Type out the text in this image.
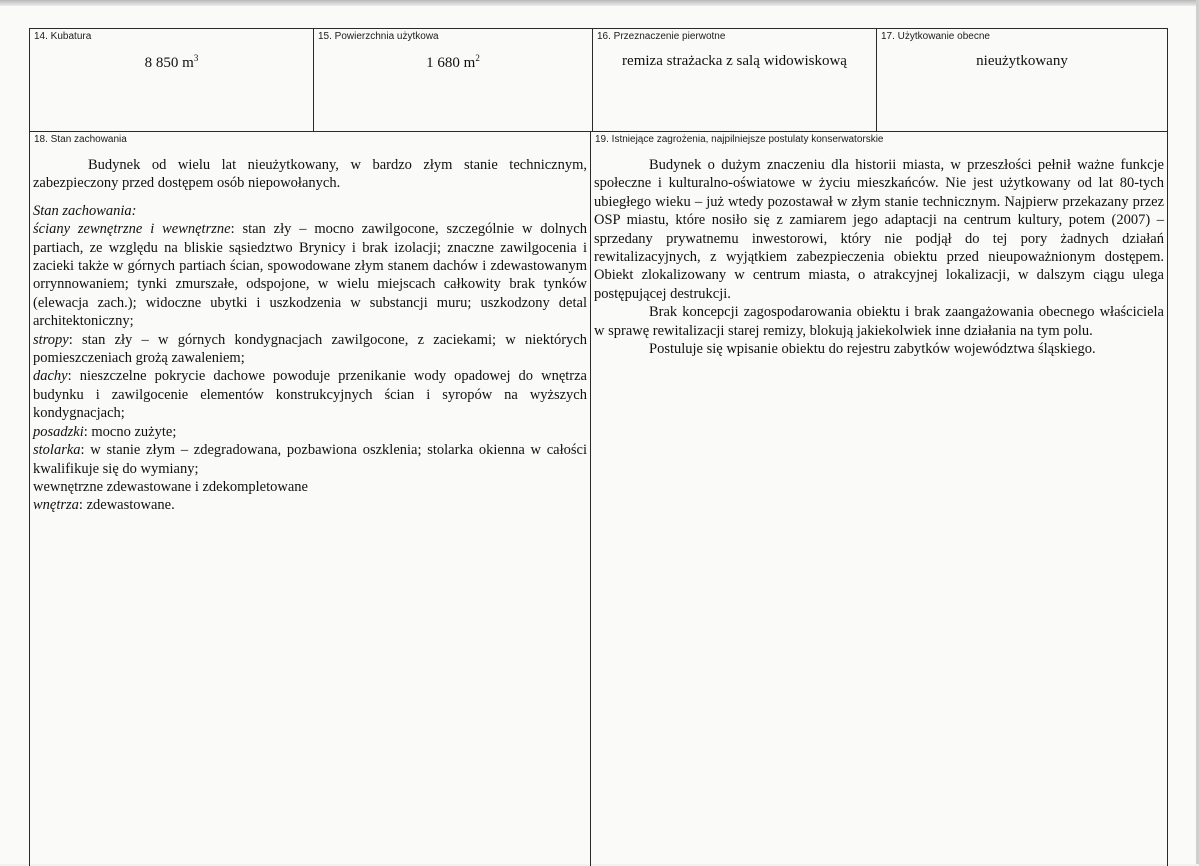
14. Kubatura
8 850 $m^3$
15. Powierzchnia użytkowa
1 680 $m^2$
16. Przeznaczenie pierwotne
remiza strażacka z salą widowiskową
17. Użytkowanie obecne
nieużytkowany
18. Stan zachowania

Budynek od wielu lat nieużytkowany, w bardzo złym stanie technicznym, zabezpieczony przed dostępem osób niepowołanych.

Stan zachowania:

ściany zewnętrzne i wewnętrzne: stan zły – mocno zawilgocone, szczególnie w dolnych partiach, ze względu na bliskie sąsiedztwo Brynicy i brak izolacji; znaczne zawilgocenia i zacieki także w górnych partiach ścian, spowodowane złym stanem dachów i zdewastowanym orrynnowaniem; tynki zmurszałe, odspojone, w wielu miejscach całkowity brak tynków (elewacja zach.); widoczne ubytki i uszkodzenia w substancji muru; uszkodzony detal architektoniczny;

stropy: stan zły – w górnych kondygnacjach zawilgocone, z zaciekami; w niektórych pomieszczeniach grożą zawaleniem;

dachy: nieszczelne pokrycie dachowe powoduje przenikanie wody opadowej do wnętrza budynku i zawilgocenie elementów konstrukcyjnych ścian i syropów na wyższych kondygnacjach;

posadzki: mocno zużyte;

stolarka: w stanie złym – zdegradowana, pozbawiona oszklenia; stolarka okienna w całości kwalifikuje się do wymiany;

wewnętrzne zdewastowane i zdekompletowane

wnętrza: zdewastowane.

19. Istniejące zagrożenia, najpilniejsze postulaty konserwatorskie

Budynek o dużym znaczeniu dla historii miasta, w przeszłości pełnił ważne funkcje społeczne i kulturalno-oświatowe w życiu mieszkańców. Nie jest użytkowany od lat 80-tych ubiegłego wieku – już wtedy pozostawał w złym stanie technicznym. Najpierw przekazany przez OSP miastu, które nosiło się z zamiarem jego adaptacji na centrum kultury, potem (2007) – sprzedany prywatnemu inwestorowi, który nie podjął do tej pory żadnych działań rewitalizacyjnych, z wyjątkiem zabezpieczenia obiektu przed nieupoważnionym dostępem. Obiekt zlokalizowany w centrum miasta, o atrakcyjnej lokalizacji, w dalszym ciągu ulega postępującej destrukcji.

Brak koncepcji zagospodarowania obiektu i brak zaangażowania obecnego właściciela w sprawę rewitalizacji starej remizy, blokują jakiekolwiek inne działania na tym polu.

Postuluje się wpisanie obiektu do rejestru zabytków województwa śląskiego.
